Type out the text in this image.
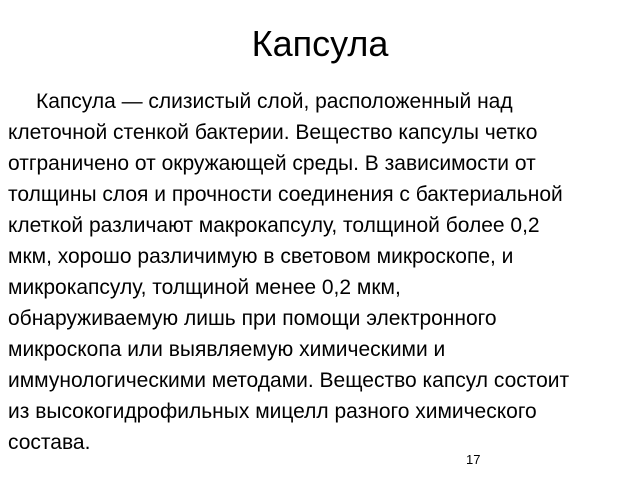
Капсула
Капсула — слизистый слой, расположенный над
клеточной стенкой бактерии. Вещество капсулы четко
отграничено от окружающей среды. В зависимости от
толщины слоя и прочности соединения с бактериальной
клеткой различают макрокапсулу, толщиной более 0,2
мкм, хорошо различимую в световом микроскопе, и
микрокапсулу, толщиной менее 0,2 мкм,
обнаруживаемую лишь при помощи электронного
микроскопа или выявляемую химическими и
иммунологическими методами. Вещество капсул состоит
из высокогидрофильных мицелл разного химического
состава.
17
